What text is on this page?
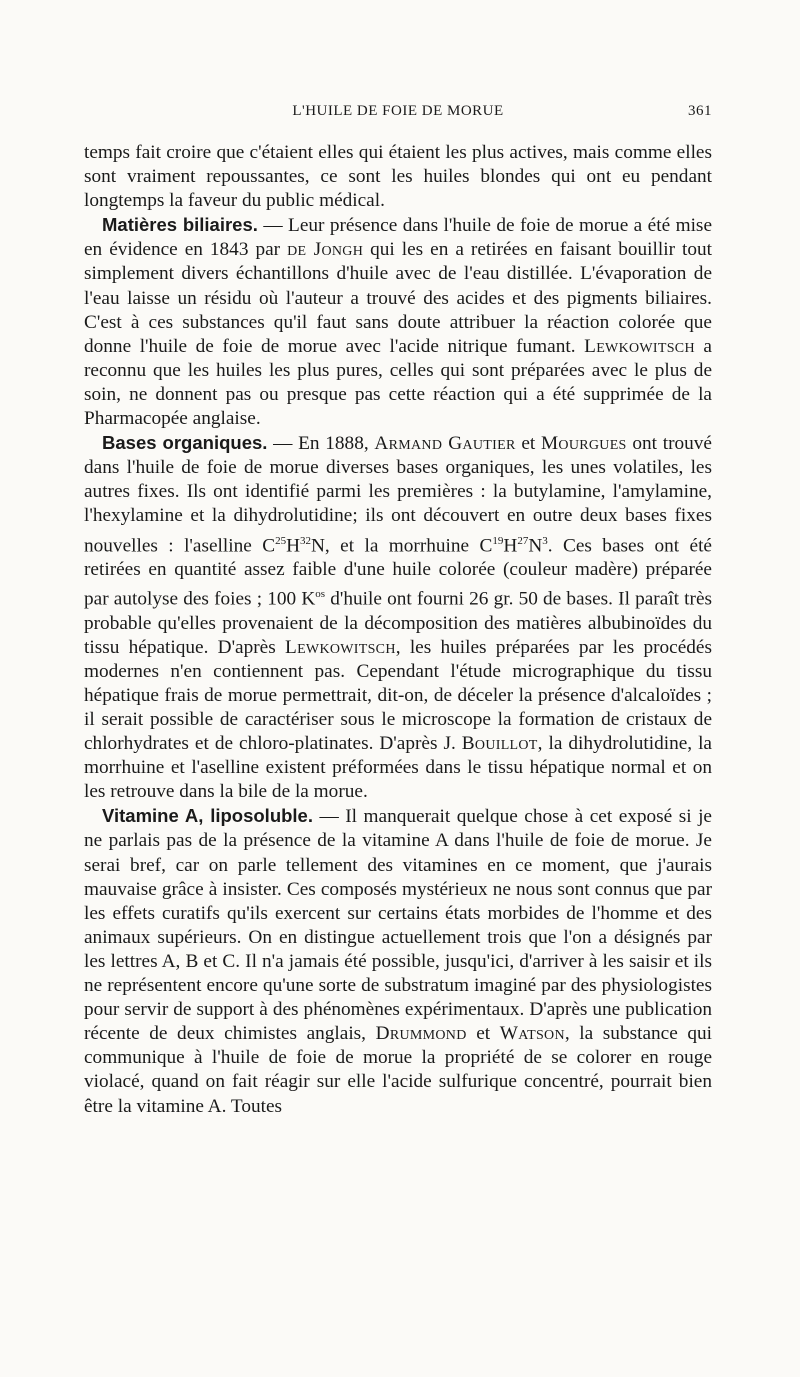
L'HUILE DE FOIE DE MORUE	361

temps fait croire que c'étaient elles qui étaient les plus actives, mais comme elles sont vraiment repoussantes, ce sont les huiles blondes qui ont eu pendant longtemps la faveur du public médical.

Matières biliaires. — Leur présence dans l'huile de foie de morue a été mise en évidence en 1843 par de Jongh qui les en a retirées en faisant bouillir tout simplement divers échantillons d'huile avec de l'eau distillée. L'évaporation de l'eau laisse un résidu où l'auteur a trouvé des acides et des pigments biliaires. C'est à ces substances qu'il faut sans doute attribuer la réaction colorée que donne l'huile de foie de morue avec l'acide nitrique fumant. Lewkowitsch a reconnu que les huiles les plus pures, celles qui sont préparées avec le plus de soin, ne donnent pas ou presque pas cette réaction qui a été supprimée de la Pharmacopée anglaise.

Bases organiques. — En 1888, Armand Gautier et Mourgues ont trouvé dans l'huile de foie de morue diverses bases organiques, les unes volatiles, les autres fixes. Ils ont identifié parmi les premières : la butylamine, l'amylamine, l'hexylamine et la dihydrolutidine; ils ont découvert en outre deux bases fixes nouvelles : l'aselline $C^{25}H^{32}N$, et la morrhuine $C^{19}H^{27}N^3$. Ces bases ont été retirées en quantité assez faible d'une huile colorée (couleur madère) préparée par autolyse des foies ; 100 $K^{os}$ d'huile ont fourni 26 gr. 50 de bases. Il paraît très probable qu'elles provenaient de la décomposition des matières albubinoïdes du tissu hépatique. D'après Lewkowitsch, les huiles préparées par les procédés modernes n'en contiennent pas. Cependant l'étude micrographique du tissu hépatique frais de morue permettrait, dit-on, de déceler la présence d'alcaloïdes ; il serait possible de caractériser sous le microscope la formation de cristaux de chlorhydrates et de chloro-platinates. D'après J. Bouillot, la dihydrolutidine, la morrhuine et l'aselline existent préformées dans le tissu hépatique normal et on les retrouve dans la bile de la morue.

Vitamine A, liposoluble. — Il manquerait quelque chose à cet exposé si je ne parlais pas de la présence de la vitamine A dans l'huile de foie de morue. Je serai bref, car on parle tellement des vitamines en ce moment, que j'aurais mauvaise grâce à insister. Ces composés mystérieux ne nous sont connus que par les effets curatifs qu'ils exercent sur certains états morbides de l'homme et des animaux supérieurs. On en distingue actuellement trois que l'on a désignés par les lettres A, B et C. Il n'a jamais été possible, jusqu'ici, d'arriver à les saisir et ils ne représentent encore qu'une sorte de substratum imaginé par des physiologistes pour servir de support à des phénomènes expérimentaux. D'après une publication récente de deux chimistes anglais, Drummond et Watson, la substance qui communique à l'huile de foie de morue la propriété de se colorer en rouge violacé, quand on fait réagir sur elle l'acide sulfurique concentré, pourrait bien être la vitamine A. Toutes
